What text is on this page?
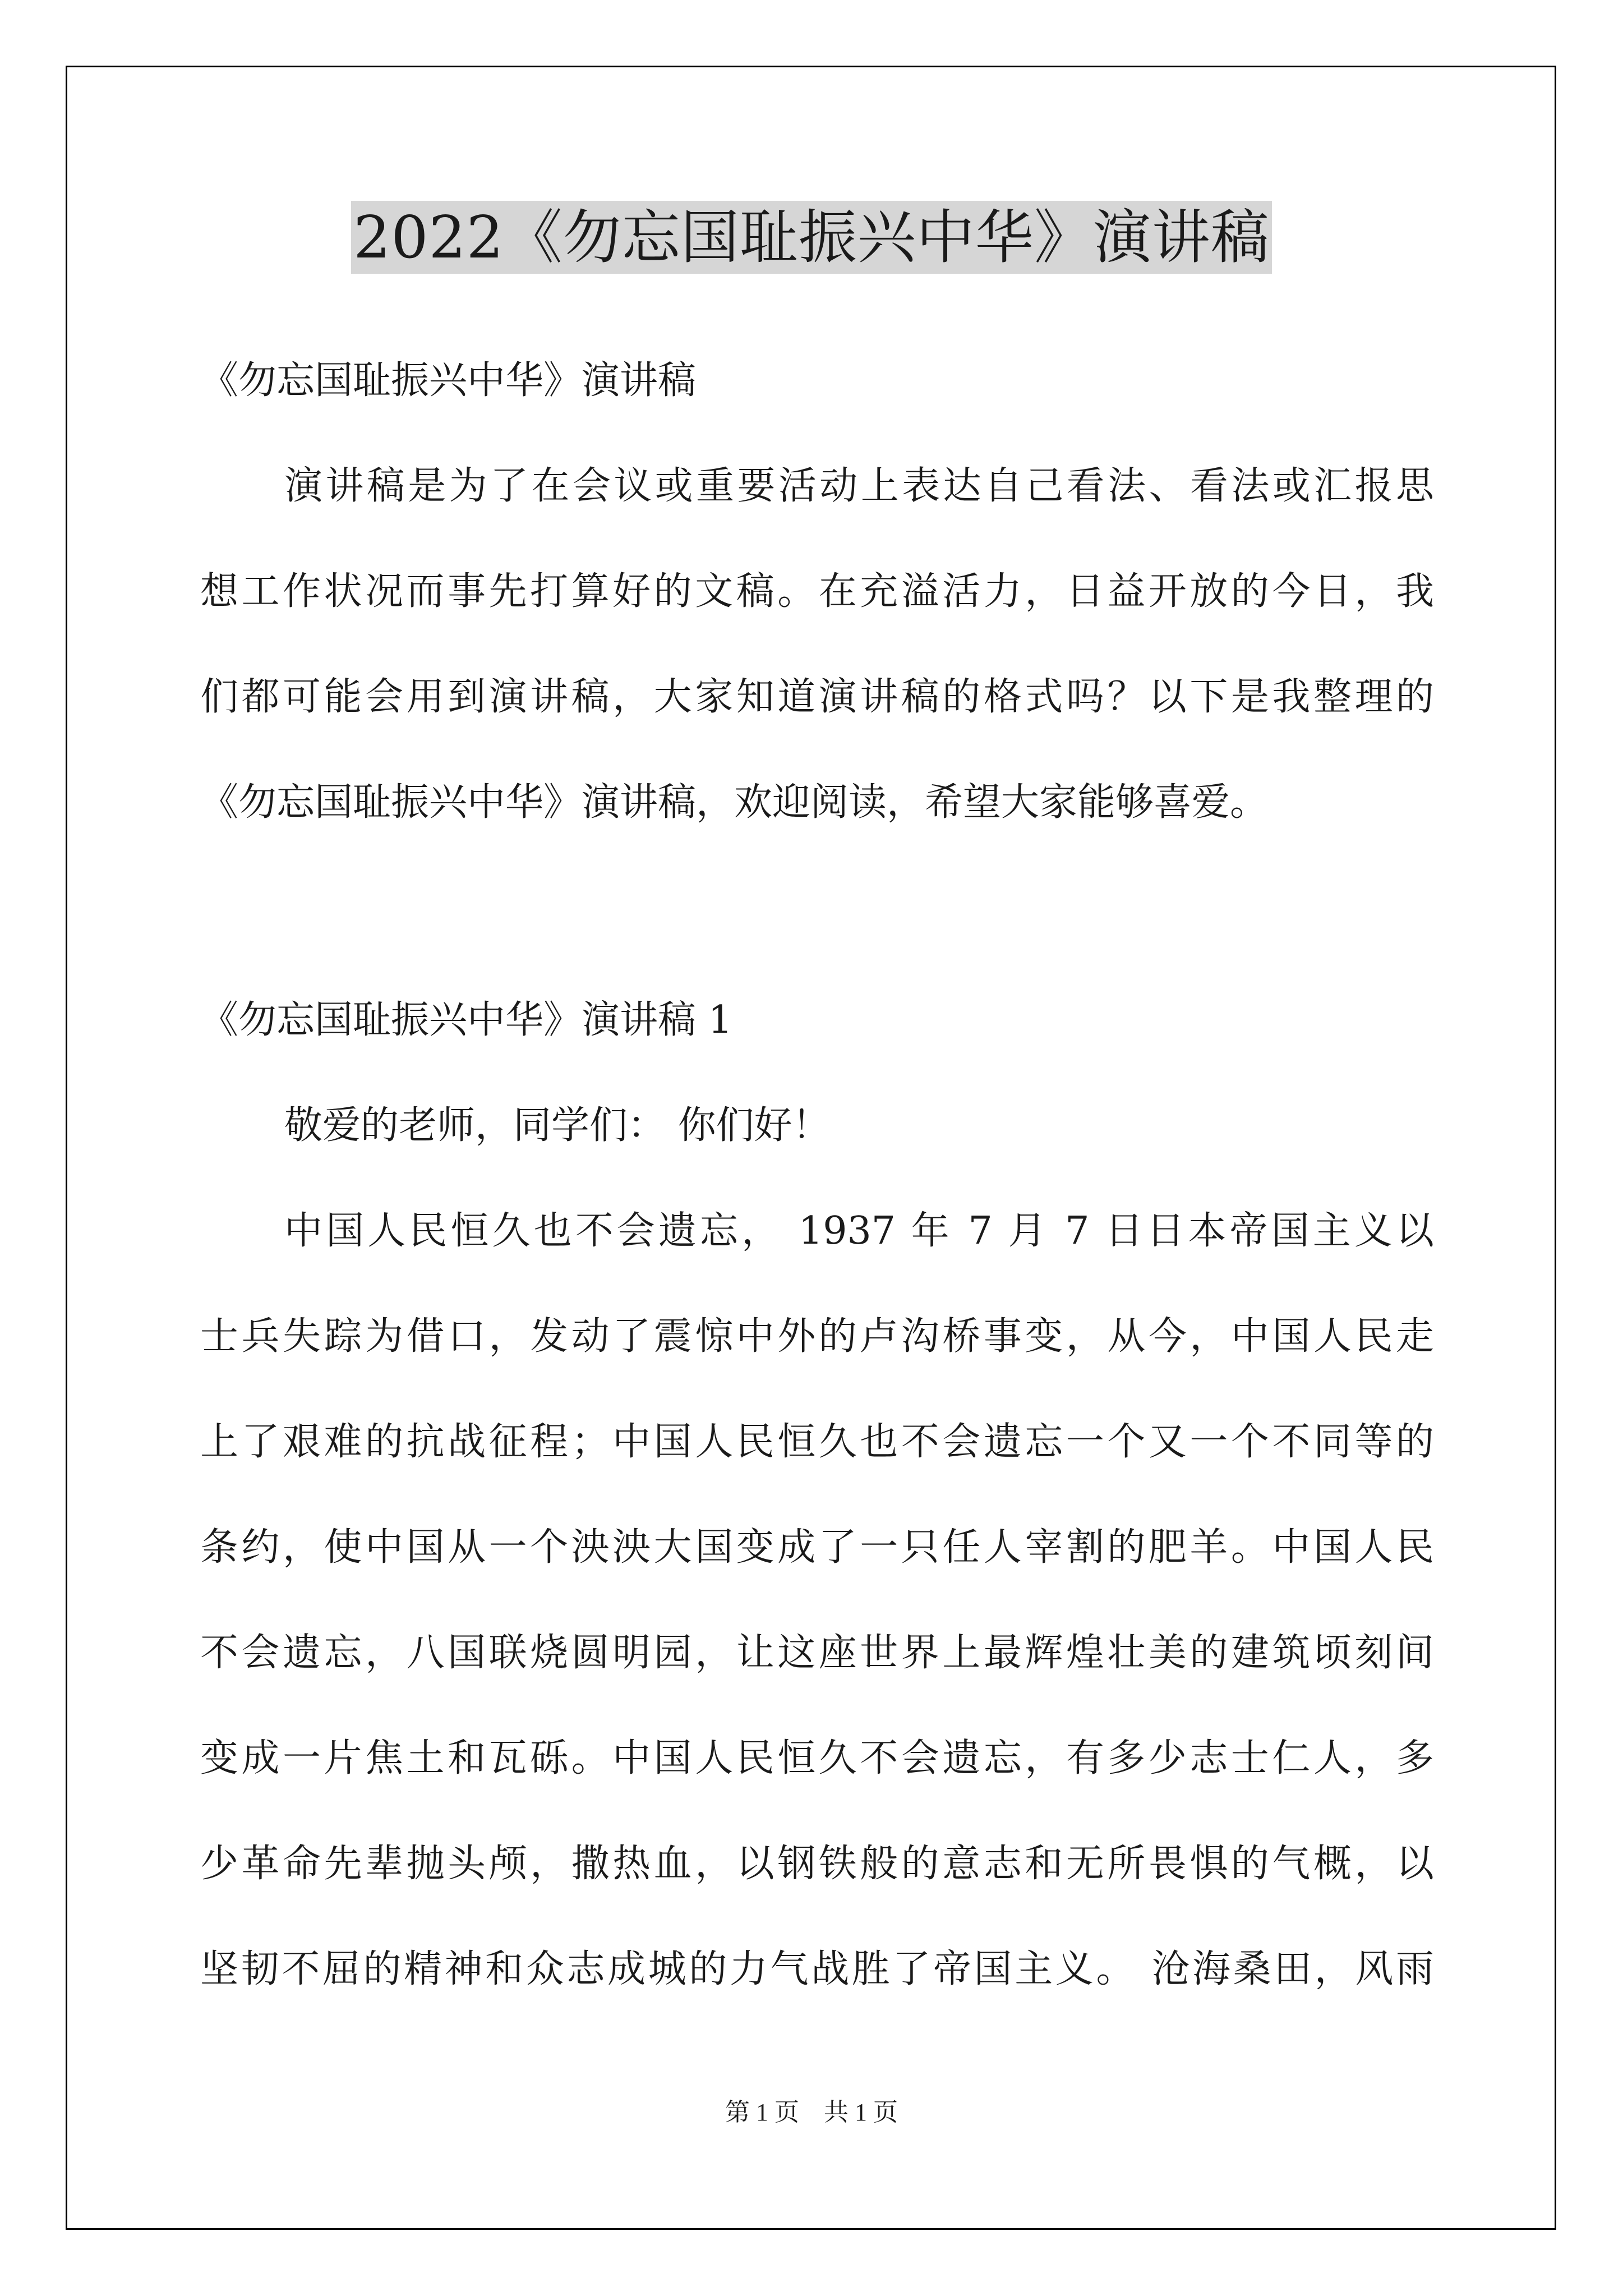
2022《勿忘国耻振兴中华》演讲稿
《勿忘国耻振兴中华》演讲稿
演讲稿是为了在会议或重要活动上表达自己看法、看法或汇报思
想工作状况而事先打算好的文稿。在充溢活力，日益开放的今日，我
们都可能会用到演讲稿，大家知道演讲稿的格式吗？以下是我整理的
《勿忘国耻振兴中华》演讲稿，欢迎阅读，希望大家能够喜爱。
《勿忘国耻振兴中华》演讲稿 1
敬爱的老师，同学们： 你们好！
中国人民恒久也不会遗忘， 1937 年 7 月 7 日日本帝国主义以
士兵失踪为借口，发动了震惊中外的卢沟桥事变，从今，中国人民走
上了艰难的抗战征程；中国人民恒久也不会遗忘一个又一个不同等的
条约，使中国从一个泱泱大国变成了一只任人宰割的肥羊。中国人民
不会遗忘，八国联烧圆明园，让这座世界上最辉煌壮美的建筑顷刻间
变成一片焦土和瓦砾。中国人民恒久不会遗忘，有多少志士仁人，多
少革命先辈抛头颅，撒热血，以钢铁般的意志和无所畏惧的气概，以
坚韧不屈的精神和众志成城的力气战胜了帝国主义。 沧海桑田，风雨
第 1 页　共 1 页
